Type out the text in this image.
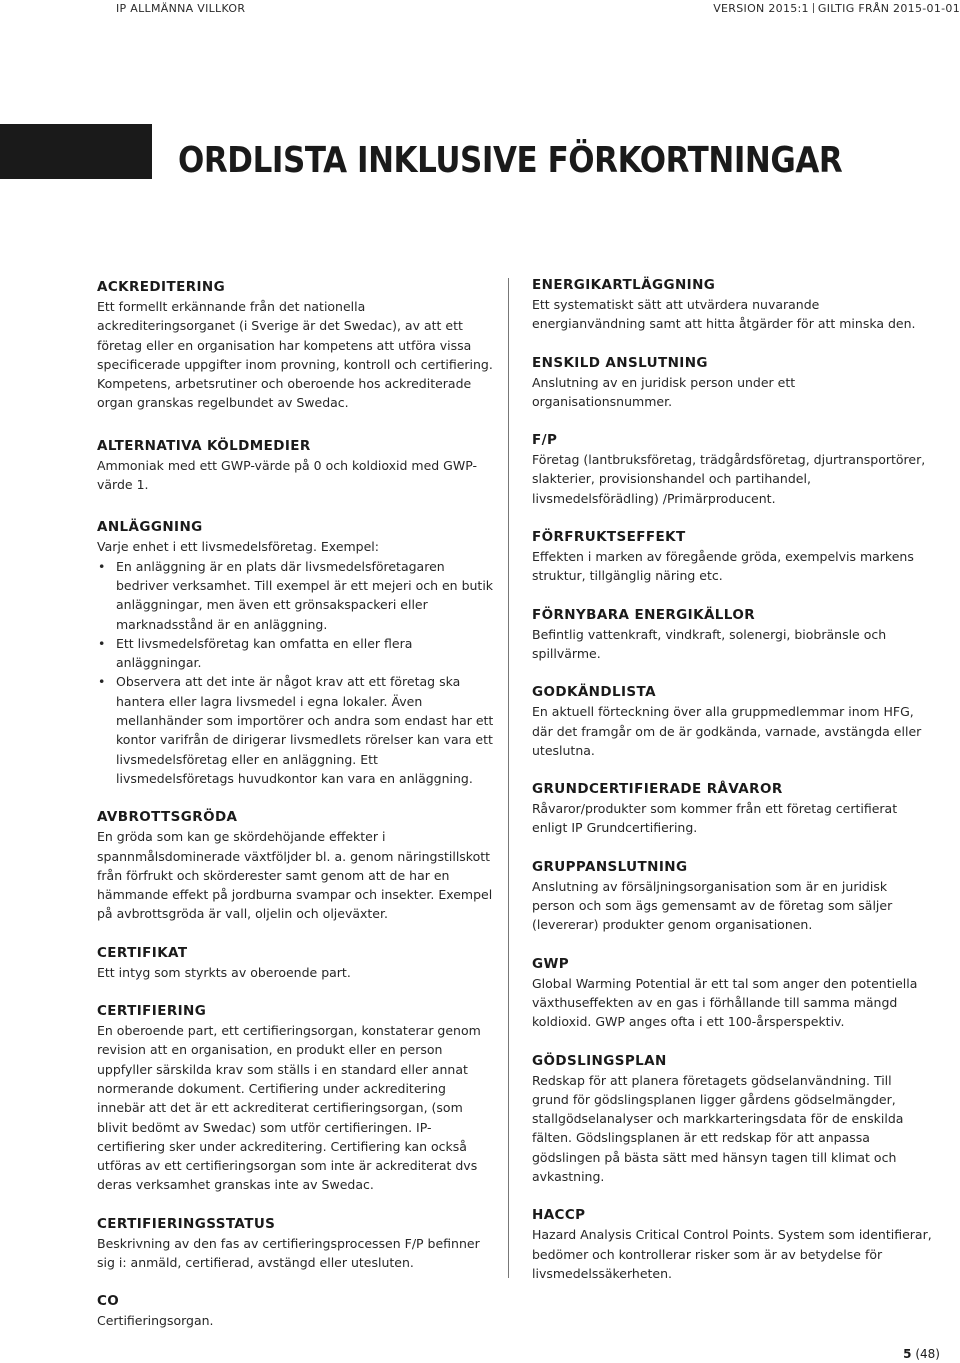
IP ALLMÄNNA VILLKOR	VERSION 2015:1 GILTIG FRÅN 2015-01-01
ORDLISTA INKLUSIVE FÖRKORTNINGAR
ACKREDITERING

Ett formellt erkännande från det nationella ackrediteringsorganet (i Sverige är det Swedac), av att ett företag eller en organisation har kompetens att utföra vissa specificerade uppgifter inom provning, kontroll och certifiering. Kompetens, arbetsrutiner och oberoende hos ackrediterade organ granskas regelbundet av Swedac.

ALTERNATIVA KÖLDMEDIER

Ammoniak med ett GWP-värde på 0 och koldioxid med GWP-värde 1.

ANLÄGGNING

Varje enhet i ett livsmedelsföretag. Exempel:

• En anläggning är en plats där livsmedelsföretagaren bedriver verksamhet. Till exempel är ett mejeri och en butik anläggningar, men även ett grönsakspackeri eller marknadsstånd är en anläggning.
• Ett livsmedelsföretag kan omfatta en eller flera anläggningar.
• Observera att det inte är något krav att ett företag ska hantera eller lagra livsmedel i egna lokaler. Även mellanhänder som importörer och andra som endast har ett kontor varifrån de dirigerar livsmedlets rörelser kan vara ett livsmedelsföretag eller en anläggning. Ett livsmedelsföretags huvudkontor kan vara en anläggning.
AVBROTTSGRÖDA

En gröda som kan ge skördehöjande effekter i spannmålsdominerade växtföljder bl. a. genom näringstillskott från förfrukt och skörderester samt genom att de har en hämmande effekt på jordburna svampar och insekter. Exempel på avbrottsgröda är vall, oljelin och oljeväxter.

CERTIFIKAT

Ett intyg som styrkts av oberoende part.

CERTIFIERING

En oberoende part, ett certifieringsorgan, konstaterar genom revision att en organisation, en produkt eller en person uppfyller särskilda krav som ställs i en standard eller annat normerande dokument. Certifiering under ackreditering innebär att det är ett ackrediterat certifieringsorgan, (som blivit bedömt av Swedac) som utför certifieringen. IP-certifiering sker under ackreditering. Certifiering kan också utföras av ett certifieringsorgan som inte är ackrediterat dvs deras verksamhet granskas inte av Swedac.

CERTIFIERINGSSTATUS

Beskrivning av den fas av certifieringsprocessen F/P befinner sig i: anmäld, certifierad, avstängd eller utesluten.

CO

Certifieringsorgan.

ENERGIKARTLÄGGNING

Ett systematiskt sätt att utvärdera nuvarande energianvändning samt att hitta åtgärder för att minska den.

ENSKILD ANSLUTNING

Anslutning av en juridisk person under ett organisationsnummer.

F/P

Företag (lantbruksföretag, trädgårdsföretag, djurtransportörer, slakterier, provisionshandel och partihandel, livsmedelsförädling) /Primärproducent.

FÖRFRUKTSEFFEKT

Effekten i marken av föregående gröda, exempelvis markens struktur, tillgänglig näring etc.

FÖRNYBARA ENERGIKÄLLOR

Befintlig vattenkraft, vindkraft, solenergi, biobränsle och spillvärme.

GODKÄNDLISTA

En aktuell förteckning över alla gruppmedlemmar inom HFG, där det framgår om de är godkända, varnade, avstängda eller uteslutna.

GRUNDCERTIFIERADE RÅVAROR

Råvaror/produkter som kommer från ett företag certifierat enligt IP Grundcertifiering.

GRUPPANSLUTNING

Anslutning av försäljningsorganisation som är en juridisk person och som ägs gemensamt av de företag som säljer (levererar) produkter genom organisationen.

GWP

Global Warming Potential är ett tal som anger den potentiella växthuseffekten av en gas i förhållande till samma mängd koldioxid. GWP anges ofta i ett 100-årsperspektiv.

GÖDSLINGSPLAN

Redskap för att planera företagets gödselanvändning. Till grund för gödslingsplanen ligger gårdens gödselmängder, stallgödselanalyser och markkarteringsdata för de enskilda fälten. Gödslingsplanen är ett redskap för att anpassa gödslingen på bästa sätt med hänsyn tagen till klimat och avkastning.

HACCP

Hazard Analysis Critical Control Points. System som identifierar, bedömer och kontrollerar risker som är av betydelse för livsmedelssäkerheten.

5 (48)
